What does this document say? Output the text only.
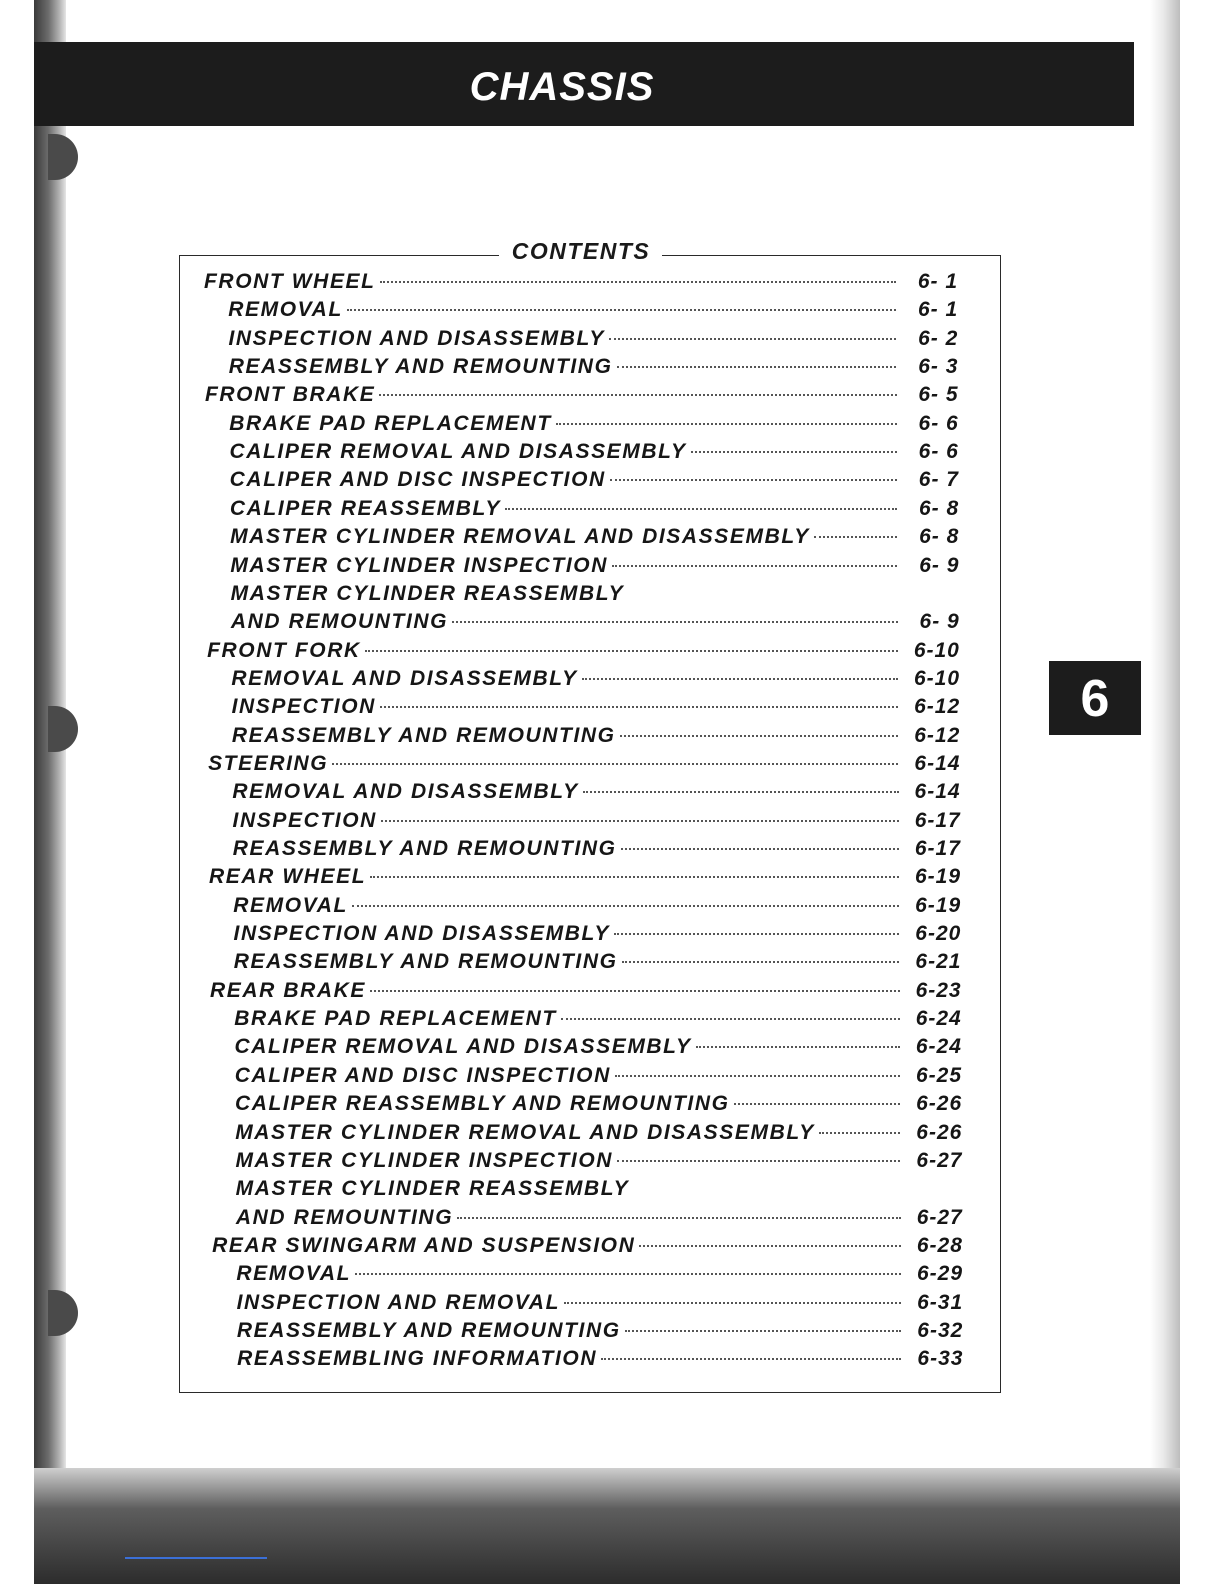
CHASSIS
6
CONTENTS
FRONT WHEEL	6- 1
REMOVAL	6- 1
INSPECTION AND DISASSEMBLY	6- 2
REASSEMBLY AND REMOUNTING	6- 3
FRONT BRAKE	6- 5
BRAKE PAD REPLACEMENT	6- 6
CALIPER REMOVAL AND DISASSEMBLY	6- 6
CALIPER AND DISC INSPECTION	6- 7
CALIPER REASSEMBLY	6- 8
MASTER CYLINDER REMOVAL AND DISASSEMBLY	6- 8
MASTER CYLINDER INSPECTION	6- 9
MASTER CYLINDER REASSEMBLY
AND REMOUNTING	6- 9
FRONT FORK	6-10
REMOVAL AND DISASSEMBLY	6-10
INSPECTION	6-12
REASSEMBLY AND REMOUNTING	6-12
STEERING	6-14
REMOVAL AND DISASSEMBLY	6-14
INSPECTION	6-17
REASSEMBLY AND REMOUNTING	6-17
REAR WHEEL	6-19
REMOVAL	6-19
INSPECTION AND DISASSEMBLY	6-20
REASSEMBLY AND REMOUNTING	6-21
REAR BRAKE	6-23
BRAKE PAD REPLACEMENT	6-24
CALIPER REMOVAL AND DISASSEMBLY	6-24
CALIPER AND DISC INSPECTION	6-25
CALIPER REASSEMBLY AND REMOUNTING	6-26
MASTER CYLINDER REMOVAL AND DISASSEMBLY	6-26
MASTER CYLINDER INSPECTION	6-27
MASTER CYLINDER REASSEMBLY
AND REMOUNTING	6-27
REAR SWINGARM AND SUSPENSION	6-28
REMOVAL	6-29
INSPECTION AND REMOVAL	6-31
REASSEMBLY AND REMOUNTING	6-32
REASSEMBLING INFORMATION	6-33
